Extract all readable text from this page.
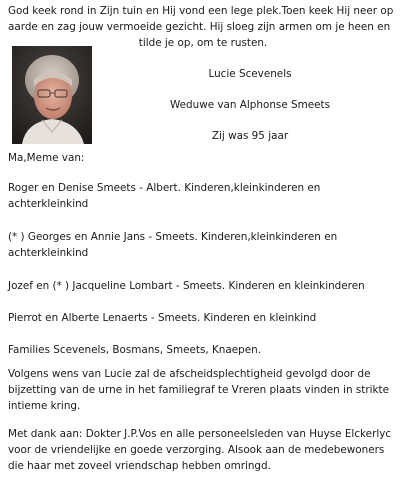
God keek rond in Zijn tuin en Hij vond een lege plek.Toen keek Hij neer op
aarde en zag jouw vermoeide gezicht. Hij sloeg zijn armen om je heen en
tilde je op, om te rusten.
Lucie Scevenels
Weduwe van Alphonse Smeets
Zij was 95 jaar
Ma,Meme van:
Roger en Denise Smeets - Albert. Kinderen,kleinkinderen en achterkleinkind
(* ) Georges en Annie Jans - Smeets. Kinderen,kleinkinderen en achterkleinkind
Jozef en (* ) Jacqueline Lombart - Smeets. Kinderen en kleinkinderen
Pierrot en Alberte Lenaerts - Smeets. Kinderen en kleinkind
Families Scevenels, Bosmans, Smeets, Knaepen.
Volgens wens van Lucie zal de afscheidsplechtigheid gevolgd door de bijzetting van de urne in het familiegraf te Vreren plaats vinden in strikte intieme kring.
Met dank aan: Dokter J.P.Vos en alle personeelsleden van Huyse Elckerlyc voor de vriendelijke en goede verzorging. Alsook aan de medebewoners die haar met zoveel vriendschap hebben omringd.
